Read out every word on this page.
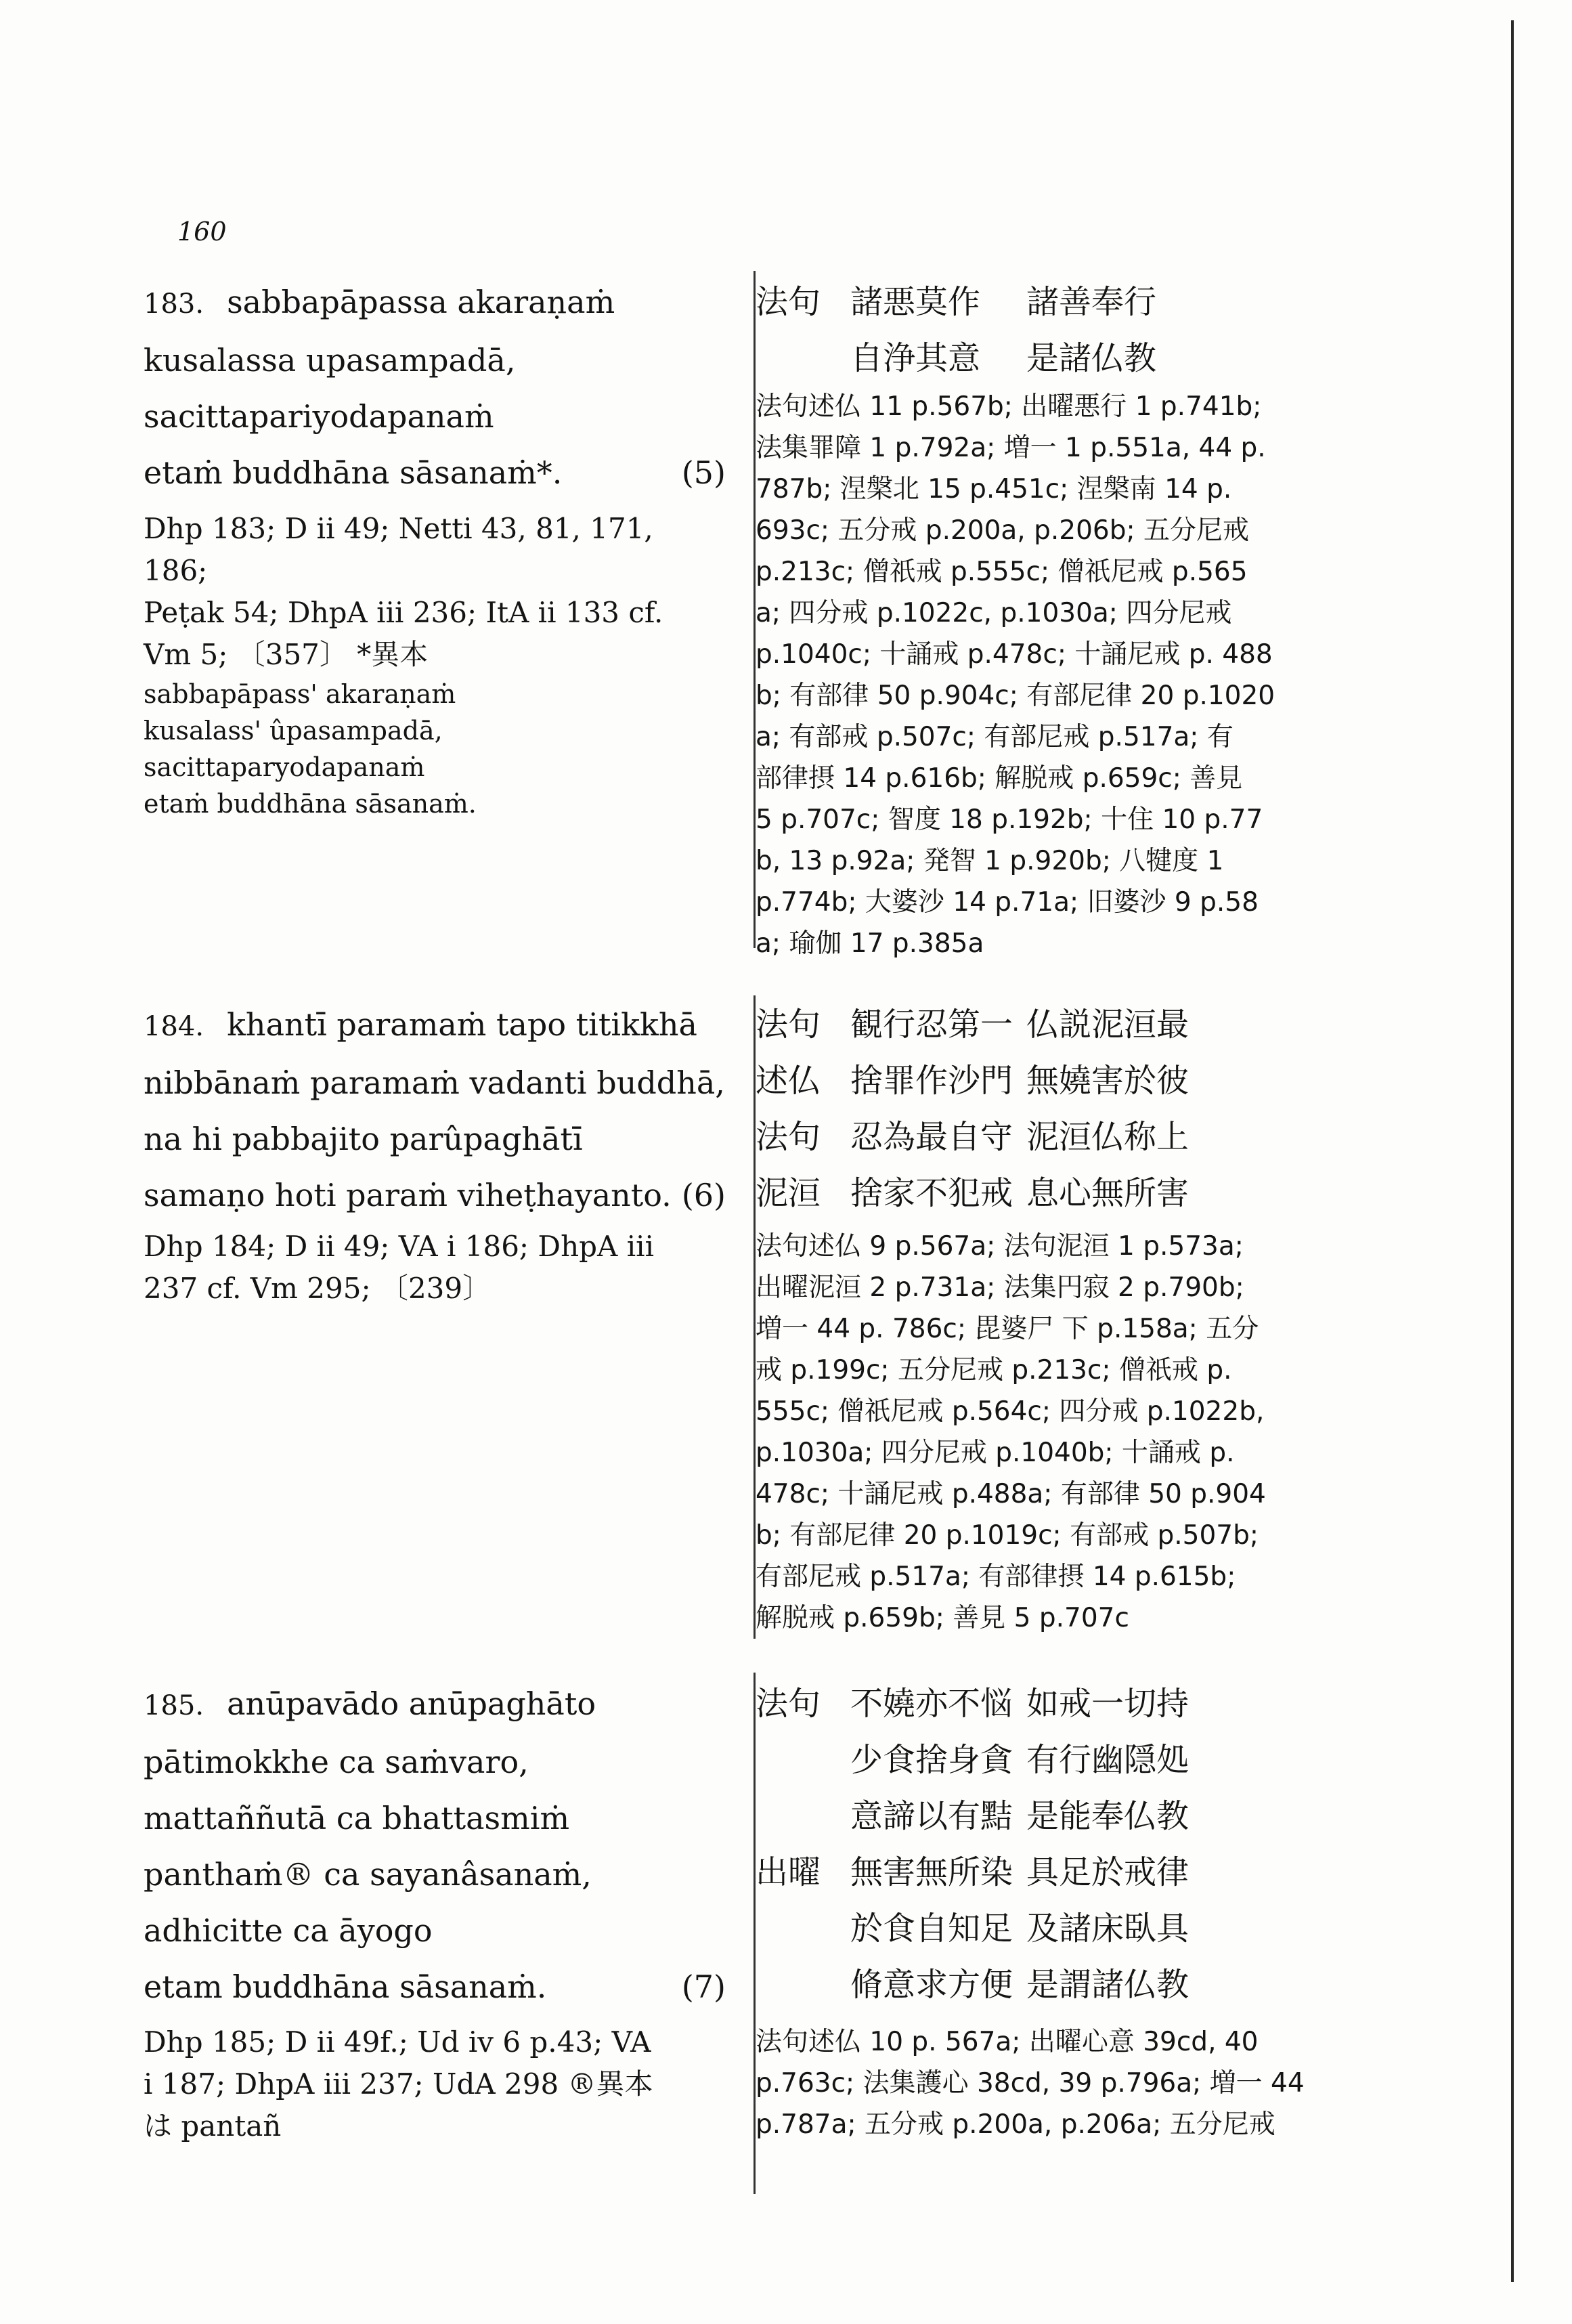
160
183. sabbapāpassa akaraṇaṁ
kusalassa upasampadā,
sacittapariyodapanaṁ
etaṁ buddhāna sāsanaṁ*.	(5)
Dhp 183; D ii 49; Netti 43, 81, 171, 186;
Peṭak 54; DhpA iii 236; ItA ii 133 cf.
Vm 5; 〔357〕 *異本
sabbapāpass' akaraṇaṁ
kusalass' ûpasampadā,
sacittaparyodapanaṁ
etaṁ buddhāna sāsanaṁ.
法句 諸悪莫作 諸善奉行
自浄其意 是諸仏教
法句述仏 11 p.567b; 出曜悪行 1 p.741b;
法集罪障 1 p.792a; 増一 1 p.551a, 44 p.
787b; 涅槃北 15 p.451c; 涅槃南 14 p.
693c; 五分戒 p.200a, p.206b; 五分尼戒
p.213c; 僧祇戒 p.555c; 僧祇尼戒 p.565
a; 四分戒 p.1022c, p.1030a; 四分尼戒
p.1040c; 十誦戒 p.478c; 十誦尼戒 p. 488
b; 有部律 50 p.904c; 有部尼律 20 p.1020
a; 有部戒 p.507c; 有部尼戒 p.517a; 有
部律摂 14 p.616b; 解脱戒 p.659c; 善見
5 p.707c; 智度 18 p.192b; 十住 10 p.77
b, 13 p.92a; 発智 1 p.920b; 八犍度 1
p.774b; 大婆沙 14 p.71a; 旧婆沙 9 p.58
a; 瑜伽 17 p.385a
184. khantī paramaṁ tapo titikkhā
nibbānaṁ paramaṁ vadanti buddhā,
na hi pabbajito parûpaghātī
samaṇo hoti paraṁ viheṭhayanto. (6)
Dhp 184; D ii 49; VA i 186; DhpA iii
237 cf. Vm 295; 〔239〕
法句 観行忍第一 仏説泥洹最
述仏 捨罪作沙門 無嬈害於彼
法句 忍為最自守 泥洹仏称上
泥洹 捨家不犯戒 息心無所害
法句述仏 9 p.567a; 法句泥洹 1 p.573a;
出曜泥洹 2 p.731a; 法集円寂 2 p.790b;
増一 44 p. 786c; 毘婆尸 下 p.158a; 五分
戒 p.199c; 五分尼戒 p.213c; 僧祇戒 p.
555c; 僧祇尼戒 p.564c; 四分戒 p.1022b,
p.1030a; 四分尼戒 p.1040b; 十誦戒 p.
478c; 十誦尼戒 p.488a; 有部律 50 p.904
b; 有部尼律 20 p.1019c; 有部戒 p.507b;
有部尼戒 p.517a; 有部律摂 14 p.615b;
解脱戒 p.659b; 善見 5 p.707c
185. anūpavādo anūpaghāto
pātimokkhe ca saṁvaro,
mattaññutā ca bhattasmiṁ
panthaṁ® ca sayanâsanaṁ,
adhicitte ca āyogo
etam buddhāna sāsanaṁ.	(7)
Dhp 185; D ii 49f.; Ud iv 6 p.43; VA
i 187; DhpA iii 237; UdA 298 ®異本
は pantañ
法句 不嬈亦不悩 如戒一切持
少食捨身貪 有行幽隠処
意諦以有黠 是能奉仏教
出曜 無害無所染 具足於戒律
於食自知足 及諸床臥具
脩意求方便 是謂諸仏教
法句述仏 10 p. 567a; 出曜心意 39cd, 40
p.763c; 法集護心 38cd, 39 p.796a; 増一 44
p.787a; 五分戒 p.200a, p.206a; 五分尼戒
